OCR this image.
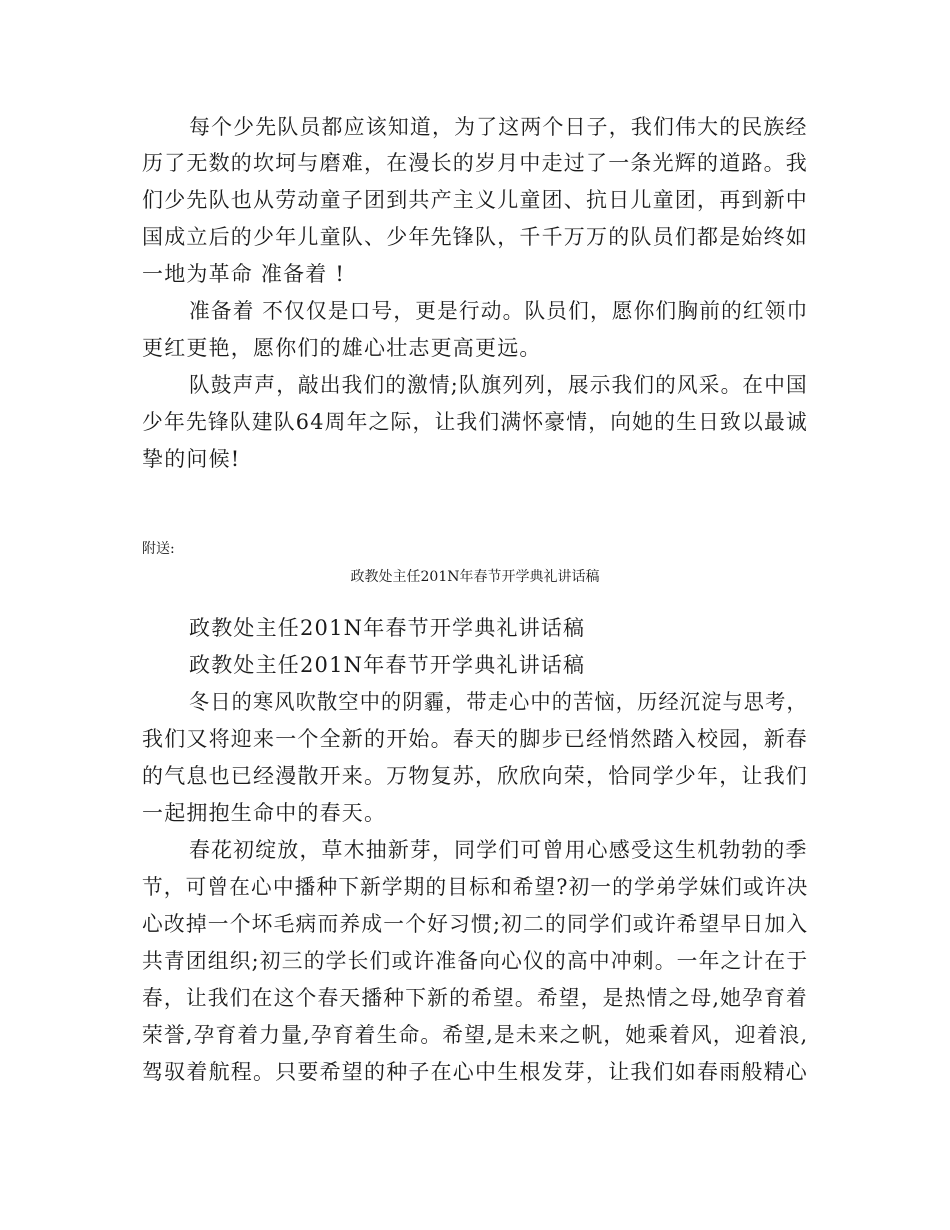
每个少先队员都应该知道，为了这两个日子，我们伟大的民族经
历了无数的坎坷与磨难，在漫长的岁月中走过了一条光辉的道路。我
们少先队也从劳动童子团到共产主义儿童团、抗日儿童团，再到新中
国成立后的少年儿童队、少年先锋队，千千万万的队员们都是始终如
一地为革命 准备着 !
准备着 不仅仅是口号，更是行动。队员们，愿你们胸前的红领巾
更红更艳，愿你们的雄心壮志更高更远。
队鼓声声，敲出我们的激情;队旗列列，展示我们的风采。在中国
少年先锋队建队64周年之际，让我们满怀豪情，向她的生日致以最诚
挚的问候!
附送:
政教处主任201N年春节开学典礼讲话稿
政教处主任201N年春节开学典礼讲话稿
政教处主任201N年春节开学典礼讲话稿
冬日的寒风吹散空中的阴霾，带走心中的苦恼，历经沉淀与思考，
我们又将迎来一个全新的开始。春天的脚步已经悄然踏入校园，新春
的气息也已经漫散开来。万物复苏，欣欣向荣，恰同学少年，让我们
一起拥抱生命中的春天。
春花初绽放，草木抽新芽，同学们可曾用心感受这生机勃勃的季
节，可曾在心中播种下新学期的目标和希望?初一的学弟学妹们或许决
心改掉一个坏毛病而养成一个好习惯;初二的同学们或许希望早日加入
共青团组织;初三的学长们或许准备向心仪的高中冲刺。一年之计在于
春，让我们在这个春天播种下新的希望。希望，是热情之母,她孕育着
荣誉,孕育着力量,孕育着生命。希望,是未来之帆，她乘着风，迎着浪,
驾驭着航程。只要希望的种子在心中生根发芽，让我们如春雨般精心
